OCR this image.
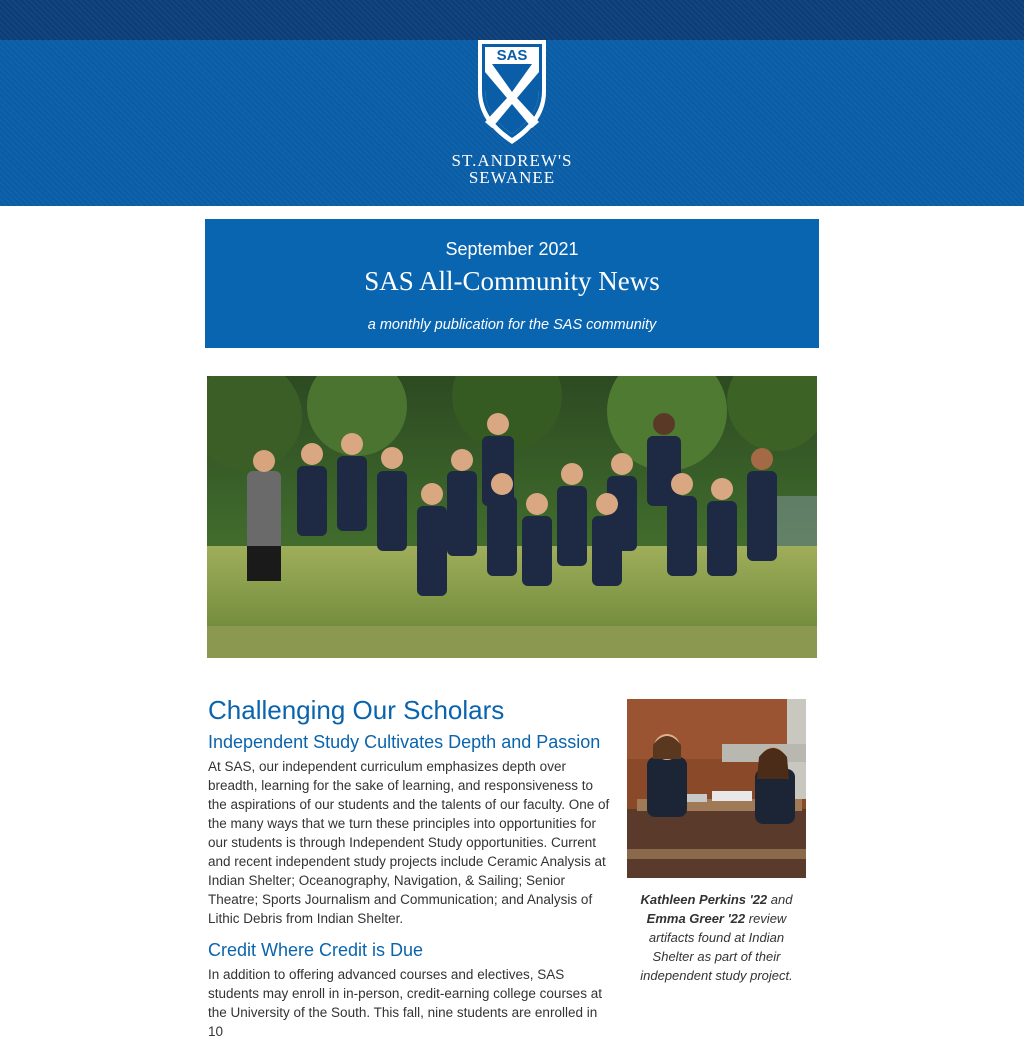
SAS
ST.ANDREW'S
SEWANEE
September 2021
SAS All-Community News
a monthly publication for the SAS community
Challenging Our Scholars
Independent Study Cultivates Depth and Passion

At SAS, our independent curriculum emphasizes depth over breadth, learning for the sake of learning, and responsiveness to the aspirations of our students and the talents of our faculty. One of the many ways that we turn these principles into opportunities for our students is through Independent Study opportunities. Current and recent independent study projects include Ceramic Analysis at Indian Shelter; Oceanography, Navigation, & Sailing; Senior Theatre; Sports Journalism and Communication; and Analysis of Lithic Debris from Indian Shelter.

Credit Where Credit is Due

In addition to offering advanced courses and electives, SAS students may enroll in in-person, credit-earning college courses at the University of the South. This fall, nine students are enrolled in 10

Kathleen Perkins '22 and Emma Greer '22 review artifacts found at Indian Shelter as part of their independent study project.
